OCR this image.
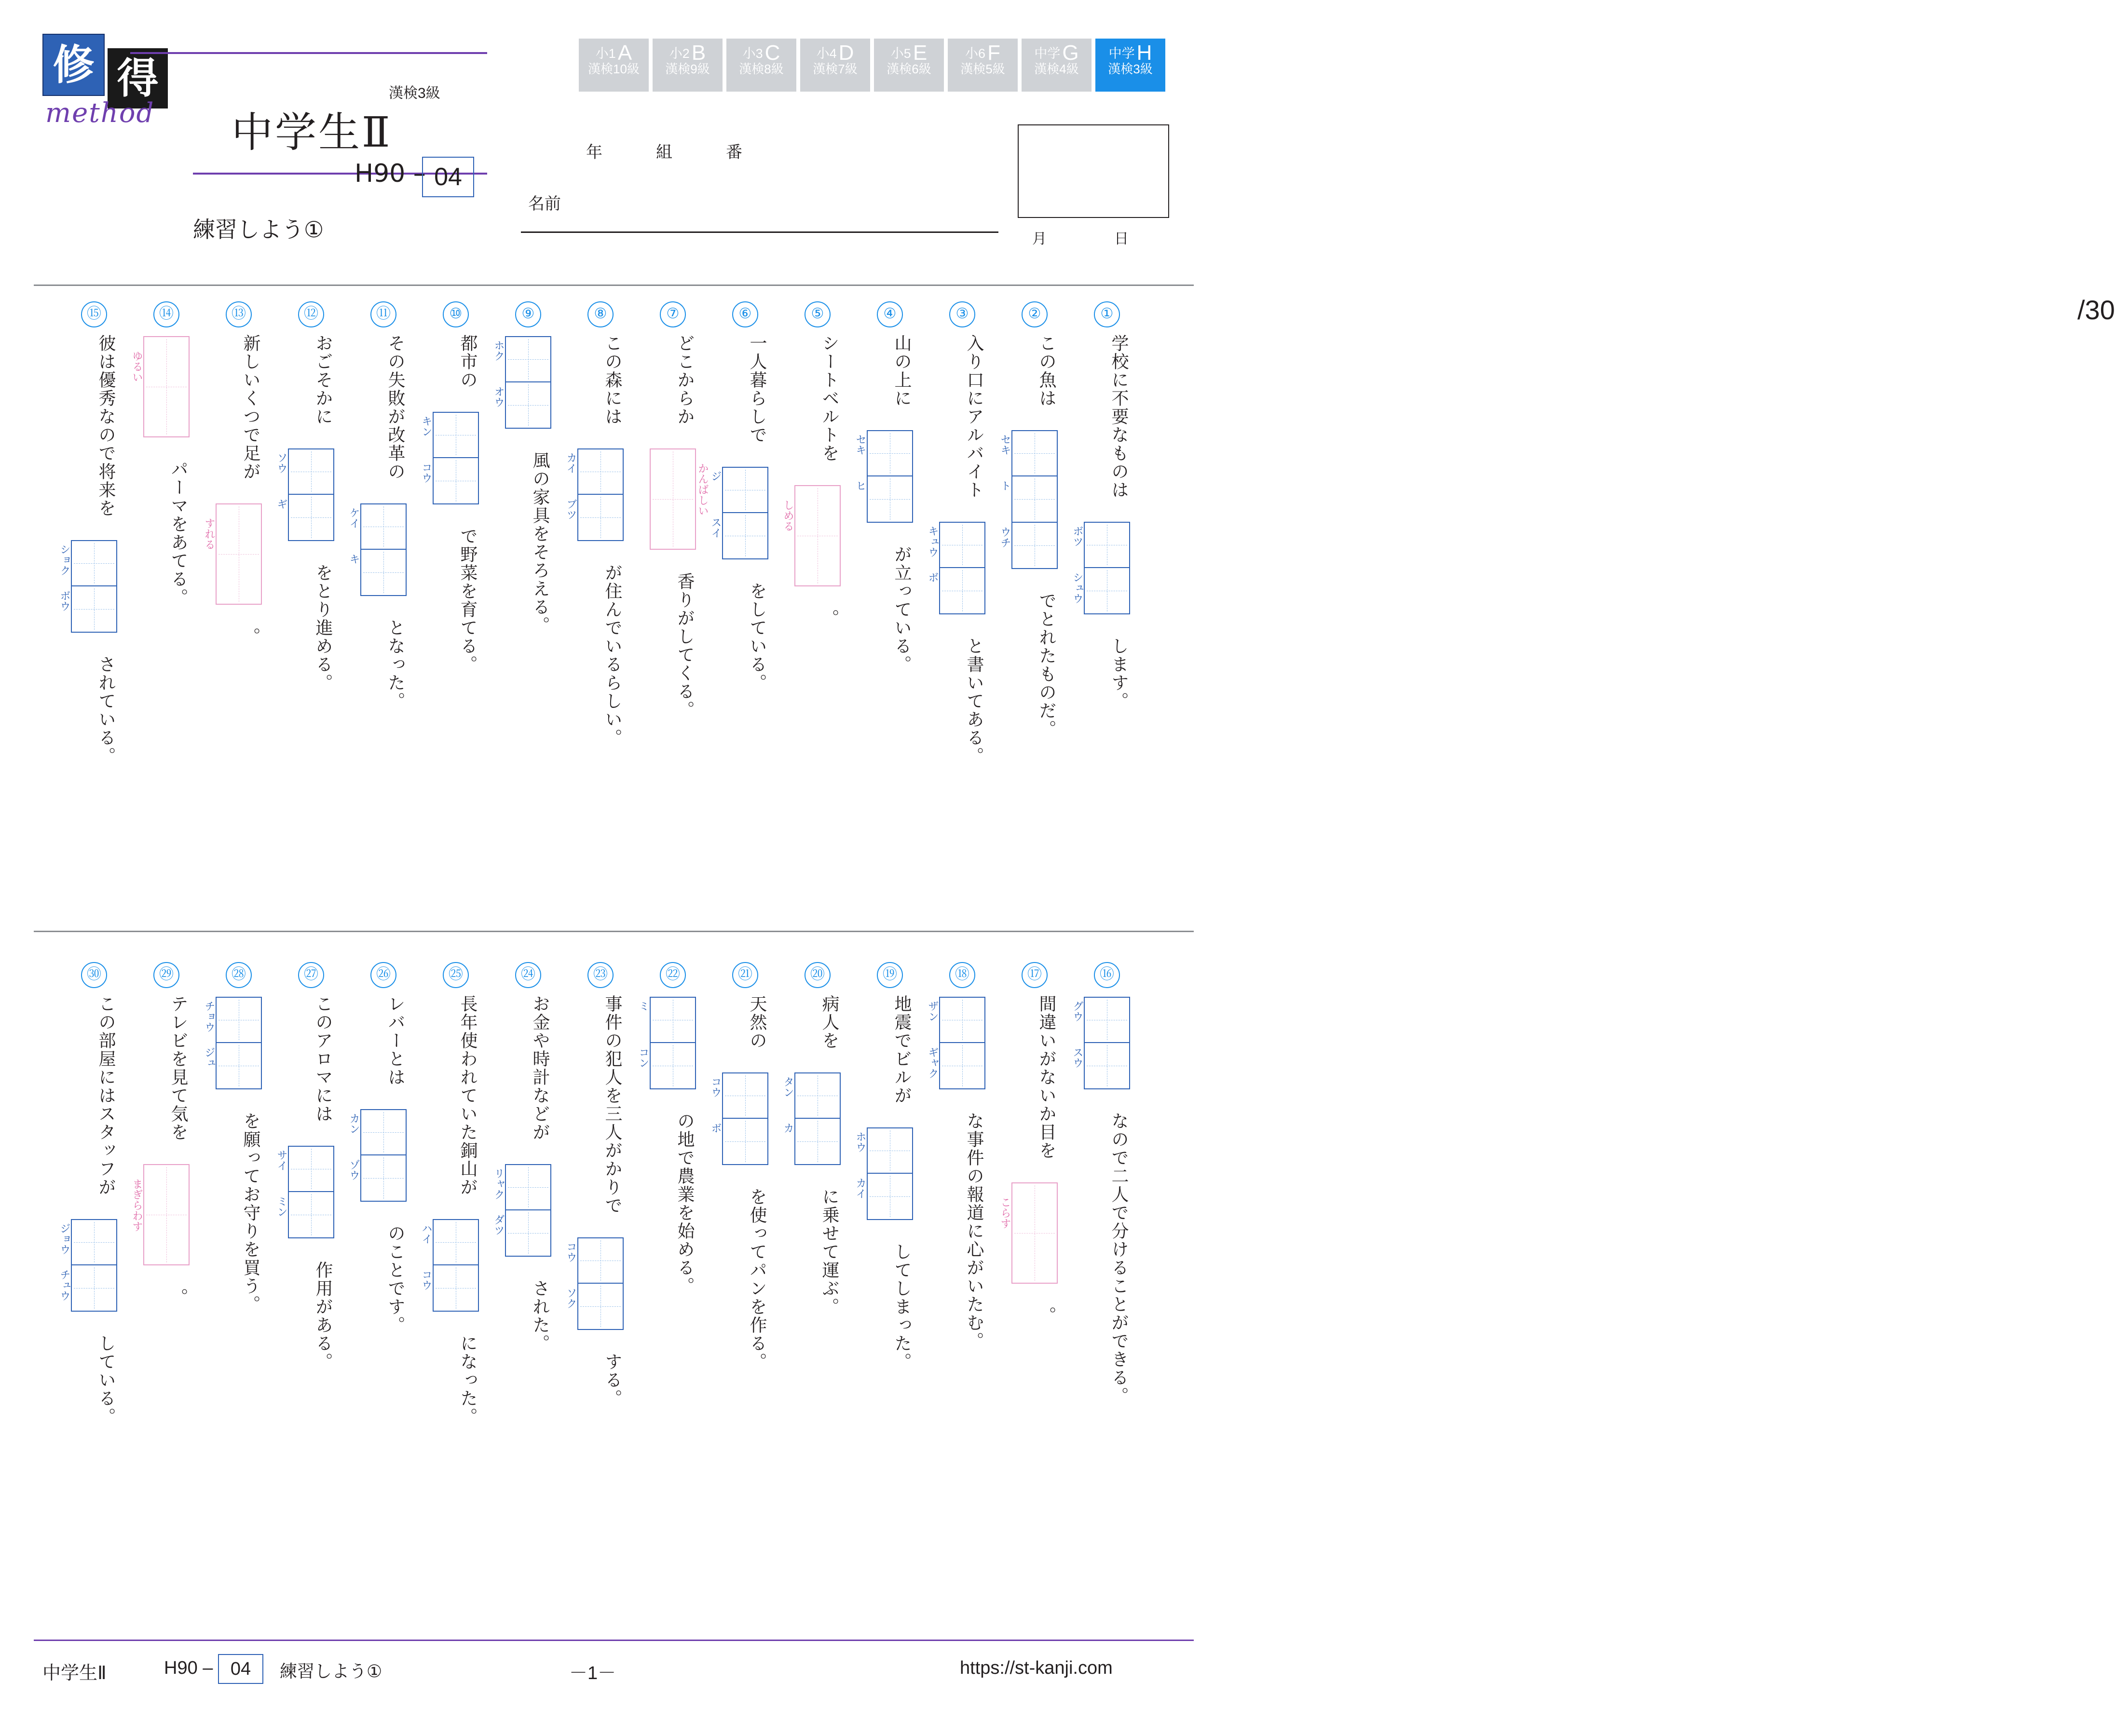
修 得
method
漢検3級
中学生Ⅱ
H90 – 04
練習しよう①
小1A
漢検10級
小2B
漢検9級
小3C
漢検8級
小4D
漢検7級
小5E
漢検6級
小6F
漢検5級
中学G
漢検4級
中学H
漢検3級
年	組	番
名前
/30
月	日
①
学校に不要なものは
ボツ
シュウ
します。
②
この魚は
セキ
ト
ウチ
でとれたものだ。
③
入り口にアルバイト
キュウ
ボ
と書いてある。
④
山の上に
セキ
ヒ
が立っている。
⑤
シートベルトを
しめる
。
⑥
一人暮らしで
ジ
スイ
をしている。
⑦
どこからか
かんばしい
香りがしてくる。
⑧
この森には
カイ
ブツ
が住んでいるらしい。
⑨
ホク
オウ
風の家具をそろえる。
⑩
都市の
キン
コウ
で野菜を育てる。
⑪
その失敗が改革の
ケイ
キ
となった。
⑫
おごそかに
ソウ
ギ
をとり進める。
⑬
新しいくつで足が
すれる
。
⑭
ゆるい
パーマをあてる。
⑮
彼は優秀なので将来を
ショク
ボウ
されている。
⑯
グウ
スウ
なので二人で分けることができる。
⑰
間違いがないか目を
こらす
。
⑱
ザン
ギャク
な事件の報道に心がいたむ。
⑲
地震でビルが
ホウ
カイ
してしまった。
⑳
病人を
タン
カ
に乗せて運ぶ。
㉑
天然の
コウ
ボ
を使ってパンを作る。
㉒
ミ
コン
の地で農業を始める。
㉓
事件の犯人を三人がかりで
コウ
ソク
する。
㉔
お金や時計などが
リャク
ダツ
された。
㉕
長年使われていた銅山が
ハイ
コウ
になった。
㉖
レバーとは
カン
ゾウ
のことです。
㉗
このアロマには
サイ
ミン
作用がある。
㉘
チョウ
ジュ
を願ってお守りを買う。
㉙
テレビを見て気を
まぎらわす
。
㉚
この部屋にはスタッフが
ジョウ
チュウ
している。
中学生Ⅱ	H90 – 04	練習しよう①	－1－	https://st-kanji.com
